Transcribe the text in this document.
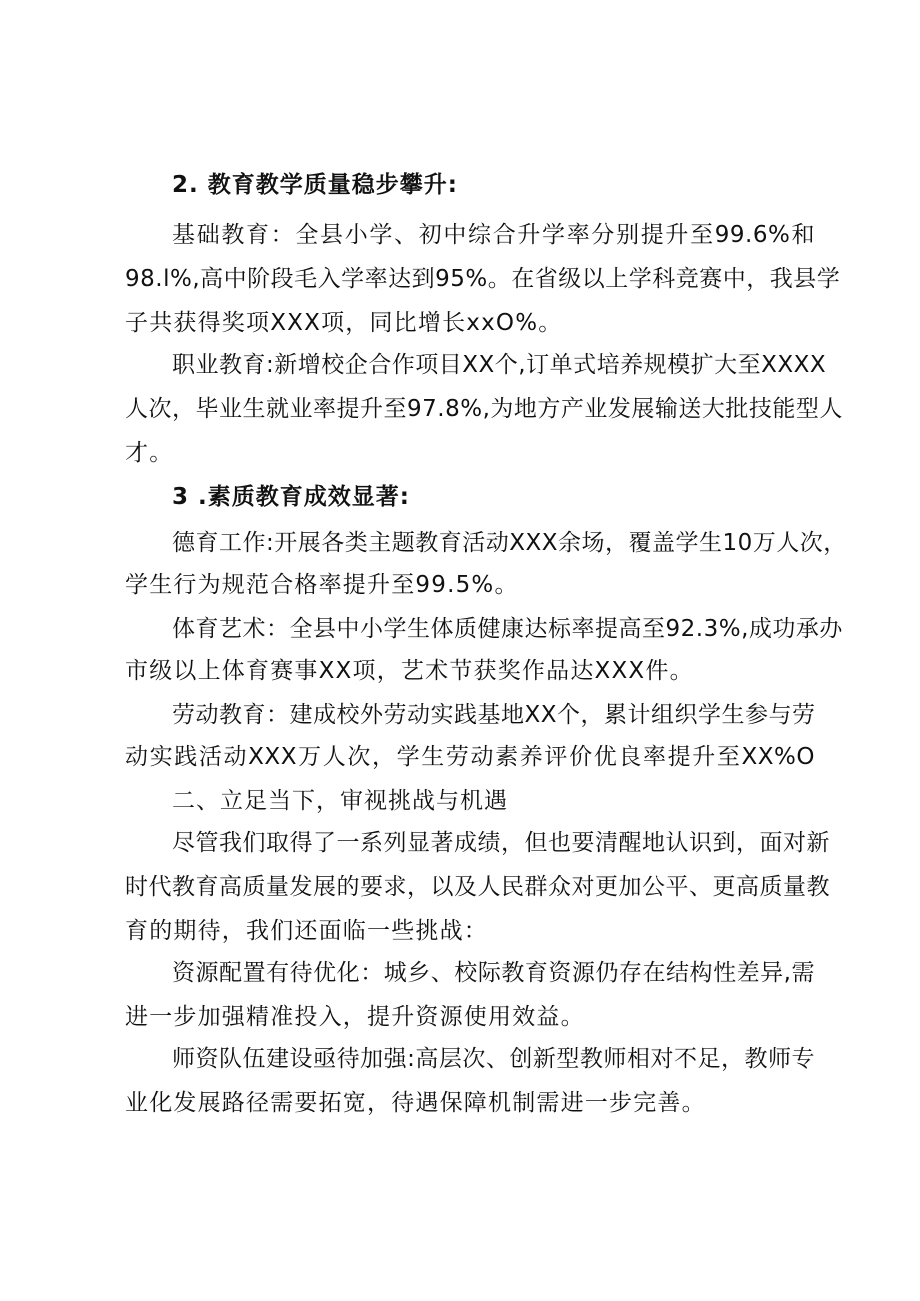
2. 教育教学质量稳步攀升:
基础教育：全县小学、初中综合升学率分别提升至99.6%和
98.l%,高中阶段毛入学率达到95%。在省级以上学科竞赛中，我县学
子共获得奖项XXX项，同比增长xxO%。
职业教育:新增校企合作项目XX个,订单式培养规模扩大至XXXX
人次，毕业生就业率提升至97.8%,为地方产业发展输送大批技能型人
才。
3 .素质教育成效显著:
德育工作:开展各类主题教育活动XXX余场，覆盖学生10万人次，
学生行为规范合格率提升至99.5%。
体育艺术：全县中小学生体质健康达标率提高至92.3%,成功承办
市级以上体育赛事XX项，艺术节获奖作品达XXX件。
劳动教育：建成校外劳动实践基地XX个，累计组织学生参与劳
动实践活动XXX万人次，学生劳动素养评价优良率提升至XX%O
二、立足当下，审视挑战与机遇
尽管我们取得了一系列显著成绩，但也要清醒地认识到，面对新
时代教育高质量发展的要求，以及人民群众对更加公平、更高质量教
育的期待，我们还面临一些挑战：
资源配置有待优化：城乡、校际教育资源仍存在结构性差异,需
进一步加强精准投入，提升资源使用效益。
师资队伍建设亟待加强:高层次、创新型教师相对不足，教师专
业化发展路径需要拓宽，待遇保障机制需进一步完善。
